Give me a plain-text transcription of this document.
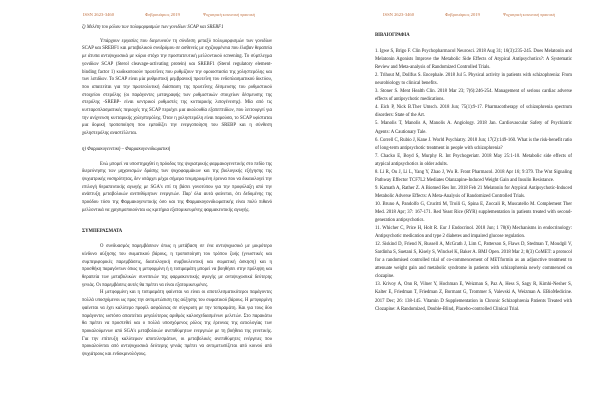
ISSN 2623-3460	Φεβρουάριος 2019	Ψυχιατρική κοινωνική πρακτική

ζ) Μελέτη του ρόλου των πολυμορφισμών των γονιδίων SCAP και SREBF1

Υπάρχουν εργασίες που διερευνούν τη σύνδεση μεταξύ πολυμορφισμών των γονιδίων SCAP και SREBF1 και μεταβολικού συνδρόμου σε ασθενείς με σχιζοφρένεια που έλαβαν θεραπεία με άτυπα αντιψυχωσικά με κύριο στόχο την προστατευτική μελλοντικού screening. Το σύμπλεγμα γονιδίων SCAP (Sterol cleavage-activating protein) και SREBF1 (Sterol regulatory element-binding factor 1) κωδικοποιούν πρωτεΐνες που ρυθμίζουν την ομοιοστασία της χοληστερόλης και των λιπιδίων. Το SCAP είναι μία ρυθμιστική μεμβρανική πρωτεΐνη του ενδοπλασματικού δικτύου, που απαιτείται για την πρωτεολυτική διάσπαση της πρωτεΐνης δέσμευσης του ρυθμιστικού στοιχείου στερόλης (οι παράγοντες μεταγραφής των ρυθμιστικών στοιχείων δέσμευσης της στερόλης -SREBP- είναι κεντρικοί ρυθμιστές της κυτταρικής λιπογένεσης). Μία από τις κυτταροπλασματικές περιοχές της SCAP περιέχει μια ακολουθία εξαπεπτιδίων, που λειτουργεί για την ανίχνευση κυτταρικής χοληστερόλης. Όταν η χοληστερόλη είναι παρούσα, το SCAP υφίσταται μια δομική τροποποίηση που εμποδίζει την ενεργοποίηση του SREBP και η σύνθεση χοληστερόλης αναστέλλεται.

η) Φαρμακογενετική – Φαρμακογονιδιωματική

Ενώ μπορεί να υποστηριχθεί η πρόοδος της ψυχιατρικής φαρμακογενετικής στο πεδίο της διερεύνησης των μηχανισμών δράσης των ψυχοφαρμάκων και της βιολογικής εξήγησης της ψυχιατρικής νοσηρότητας, δεν υπάρχει μέχρι σήμερα τεκμηριωμένη έρευνα που να δικαιολογεί την επιλογή θεραπευτικής αγωγής με SGA's επί τη βάσει γονοτύπου για την προφύλαξη από την ανάπτυξη μεταβολικών ανεπιθύμητων ενεργειών. Παρ' όλα αυτά φαίνεται, ότι δεδομένης της προόδου τόσο της Φαρμακογενετικής όσο και της Φαρμακογονιδιωματικής είναι πολύ πιθανό μελλοντικά να χρησιμοποιούνται ως κριτήρια εξατομικευμένης φαρμακευτικής αγωγής.

ΣΥΜΠΕΡΑΣΜΑΤΑ

Ο συνδυασμός παρεμβάσεων όπως η μετάβαση σε ένα αντιψυχωσικό με μικρότερο κίνδυνο αύξησης του σωματικού βάρους, η τροποποίηση του τρόπου ζωής (γνωστικές και συμπεριφορικές παρεμβάσεις, διαιτολογική συμβουλευτική και σωματική άσκηση) και η προσθήκη παραγόντων όπως η μετφορμίνη ή η τοπιραμάτη μπορεί να βοηθήσει στην πρόληψη και θεραπεία των μεταβολικών συνεπειών της φαρμακευτικής αγωγής με αντιψυχωσικά δεύτερης γενιάς. Οι παρεμβάσεις αυτές θα πρέπει να είναι εξατομικευμένες.

Η μετφορμίνη και η τοπιραμάτη φαίνεται να είναι οι αποτελεσματικότεροι παράγοντες πολλά υποσχόμενοι ως προς την αντιμετώπιση της αύξησης του σωματικού βάρους. Η μετφορμίνη φαίνεται να έχει καλύτερο προφίλ ασφάλειας σε σύγκριση με την τοπιραμάτη. Και για τους δύο παράγοντες ωστόσο απαιτείται μεγαλύτερος αριθμός καλοσχεδιασμένων μελετών. Στο παρακάτω θα πρέπει να προστεθεί και ο πολλά υποσχόμενος ρόλος της έρευνας της αιτιολογίας των προκαλούμενων από SGA's μεταβολικών ανεπιθύμητων ενεργειών με τη βοήθεια της γενετικής. Για την επίτευξη καλύτερων αποτελεσμάτων, οι μεταβολικές ανεπιθύμητες ενέργειες που προκαλούνται από αντιψυχωσικά δεύτερης γενιάς πρέπει να αντιμετωπίζεται από κοινού από ψυχιάτρους και ενδοκρινολόγους.

ISSN 2623-3460	Φεβρουάριος 2019	Ψυχιατρική κοινωνική πρακτική

ΒΙΒΛΙΟΓΡΑΦΙΑ

1. Igwe S, Brigo F. Clin Psychopharmacol Neurosci. 2018 Aug 31; 16(3):235-245. Does Melatonin and Melatonin Agonists Improve the Metabolic Side Effects of Atypical Antipsychotics?: A Systematic Review and Meta-analysis of Randomized Controlled Trials.

2. Trihout M, Dollfus S. Encephale. 2018 Jul 5. Physical activity in patients with schizophrenia: From neurobiology to clinical benefits.

3. Stoner S. Ment Health Clin. 2018 Mar 23; 7(6):246-254. Management of serious cardiac adverse effects of antipsychotic medications.

4. Eich P, Nick B.Ther Umsch. 2018 Jun; 75(1):9-17. Pharmacotherapy of schizophrenia spectrum disorders: State of the Art.

5. Manolis T, Manolis A, Manolis A. Angiology. 2018 Jan. Cardiovascular Safety of Psychiatric Agents: A Cautionary Tale.

6. Correll C, Rubio J, Kane J. World Psychiatry. 2018 Jun; 17(2):149-160. What is the risk-benefit ratio of long-term antipsychotic treatment in people with schizophrenia?

7. Chacko E, Boyd S, Murphy R. Int Psychogeriatr. 2018 May 25:1-10. Metabolic side effects of atypical antipsychotics in older adults.

8. Li R, Ou J, Li L, Yang Y, Zhao J, Wu R. Front Pharmacol. 2018 Apr 16; 9:379. The Wnt Signaling Pathway Effector TCF7L2 Mediates Olanzapine-Induced Weight Gain and Insulin Resistance.

9. Kamath A, Rather Z. A Biomed Res Int. 2018 Feb 21 Melatonin for Atypical Antipsychotic-Induced Metabolic Adverse Effects: A Meta-Analysis of Randomized Controlled Trials.

10. Bruno A, Pandolfo G, Crucitti M, Troili G, Spina E, Zoccali R, Muscatello M. Complement Ther Med. 2018 Apr; 37: 167-171. Red Yeast Rice (RYR) supplementation in patients treated with second-generation antipsychotics.

11. Whicher C, Price H, Holt R. Eur J Endocrinol. 2018 Jun; 1 78(6) Mechanisms in endocrinology: Antipsychotic medication and type 2 diabetes and impaired glucose regulation.

12. Siskind D, Friend N, Russell A, McGrath J, Lim C, Patterson S, Flaws D, Stedman T, Moudgil V, Sardinha S, Suetani S, Kisely S, Winckel K, Baker A. BMJ Open. 2018 Mar 2; 8(3) CoMET: a protocol for a randomised controlled trial of co-commencement of METformin as an adjunctive treatment to attenuate weight gain and metabolic syndrome in patients with schizophrenia newly commenced on clozapine.

13. Krivoy A, Onn R, Vilner Y, Hochman E, Weizman S, Paz A, Hess S, Sagy R, Kimhi-Nesher S, Kalter E, Friedman T, Friedman Z, Bormant G, Trommer S, Valevski A, Weizman A. EBioMedicine. 2017 Dec; 26: 138-145. Vitamin D Supplementation in Chronic Schizophrenia Patients Treated with Clozapine: A Randomized, Double-Blind, Placebo-controlled Clinical Trial.
